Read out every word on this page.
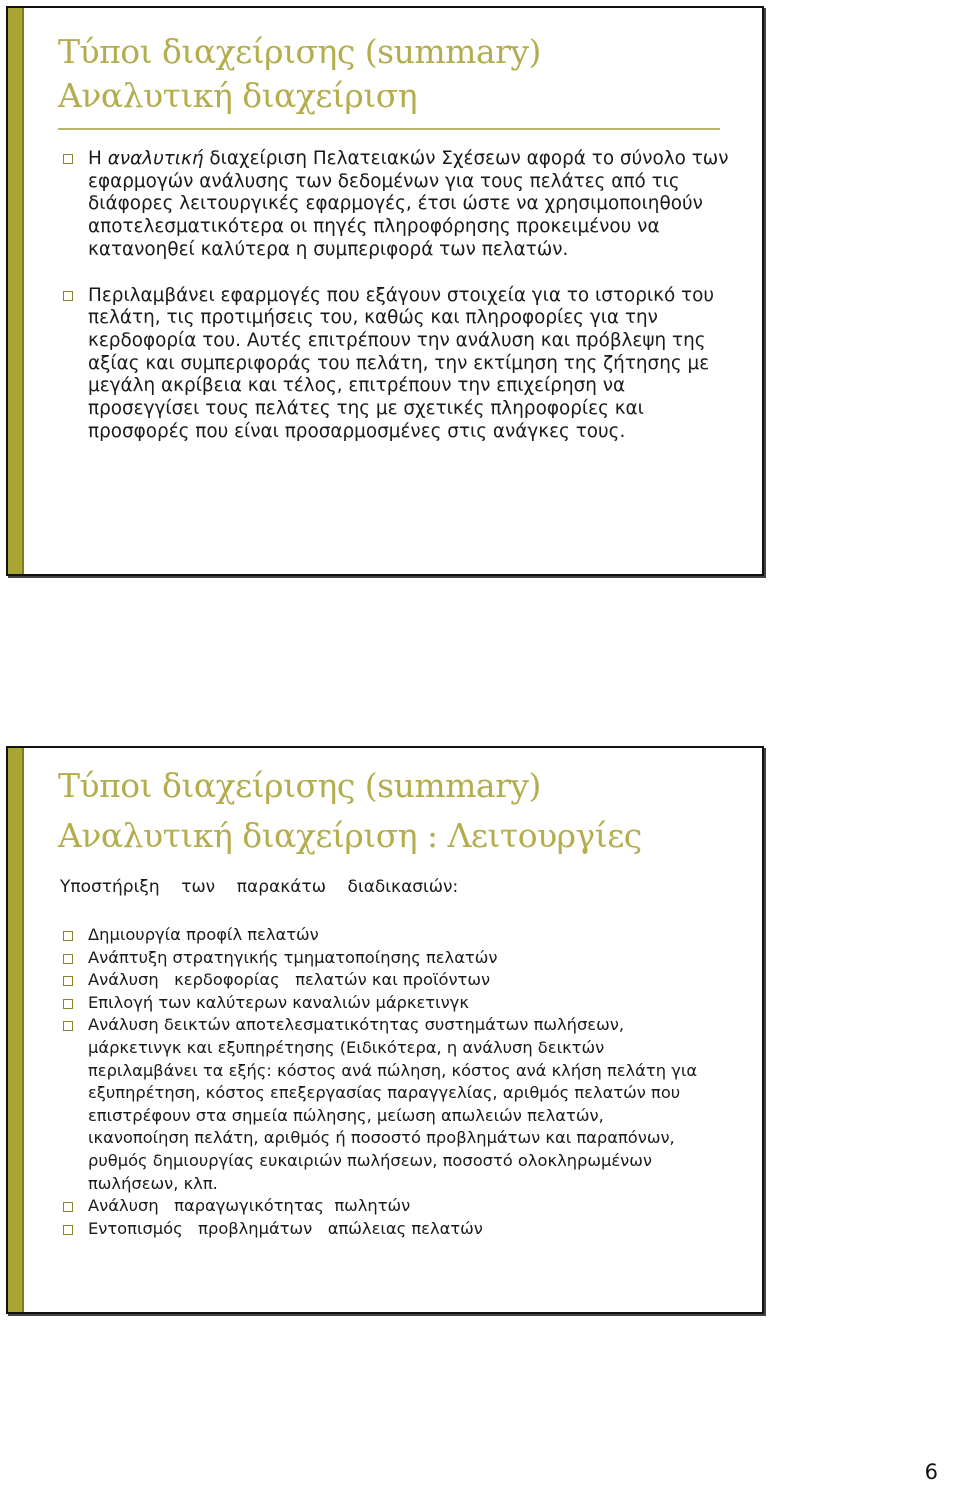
Τύποι διαχείρισης (summary)
Αναλυτική διαχείριση
Η αναλυτική διαχείριση Πελατειακών Σχέσεων αφορά το σύνολο των εφαρμογών ανάλυσης των δεδομένων για τους πελάτες από τις διάφορες λειτουργικές εφαρμογές, έτσι ώστε να χρησιμοποιηθούν αποτελεσματικότερα οι πηγές πληροφόρησης προκειμένου να κατανοηθεί καλύτερα η συμπεριφορά των πελατών.
Περιλαμβάνει εφαρμογές που εξάγουν στοιχεία για το ιστορικό του πελάτη, τις προτιμήσεις του, καθώς και πληροφορίες για την κερδοφορία του. Αυτές επιτρέπουν την ανάλυση και πρόβλεψη της αξίας και συμπεριφοράς του πελάτη, την εκτίμηση της ζήτησης με μεγάλη ακρίβεια και τέλος, επιτρέπουν την επιχείρηση να προσεγγίσει τους πελάτες της με σχετικές πληροφορίες και προσφορές που είναι προσαρμοσμένες στις ανάγκες τους.
Τύποι διαχείρισης (summary)
Αναλυτική διαχείριση : Λειτουργίες
Υποστήριξη    των    παρακάτω    διαδικασιών:
Δημιουργία προφίλ πελατών
Ανάπτυξη στρατηγικής τμηματοποίησης πελατών
Ανάλυση   κερδοφορίας   πελατών και προϊόντων
Επιλογή των καλύτερων καναλιών μάρκετινγκ
Ανάλυση δεικτών αποτελεσματικότητας συστημάτων πωλήσεων, μάρκετινγκ και εξυπηρέτησης (Ειδικότερα, η ανάλυση δεικτών περιλαμβάνει τα εξής: κόστος ανά πώληση, κόστος ανά κλήση πελάτη για εξυπηρέτηση, κόστος επεξεργασίας παραγγελίας, αριθμός πελατών που επιστρέφουν στα σημεία πώλησης, μείωση απωλειών πελατών, ικανοποίηση πελάτη, αριθμός ή ποσοστό προβλημάτων και παραπόνων, ρυθμός δημιουργίας ευκαιριών πωλήσεων, ποσοστό ολοκληρωμένων πωλήσεων, κλπ.
Ανάλυση   παραγωγικότητας  πωλητών
Εντοπισμός   προβλημάτων   απώλειας πελατών
6
